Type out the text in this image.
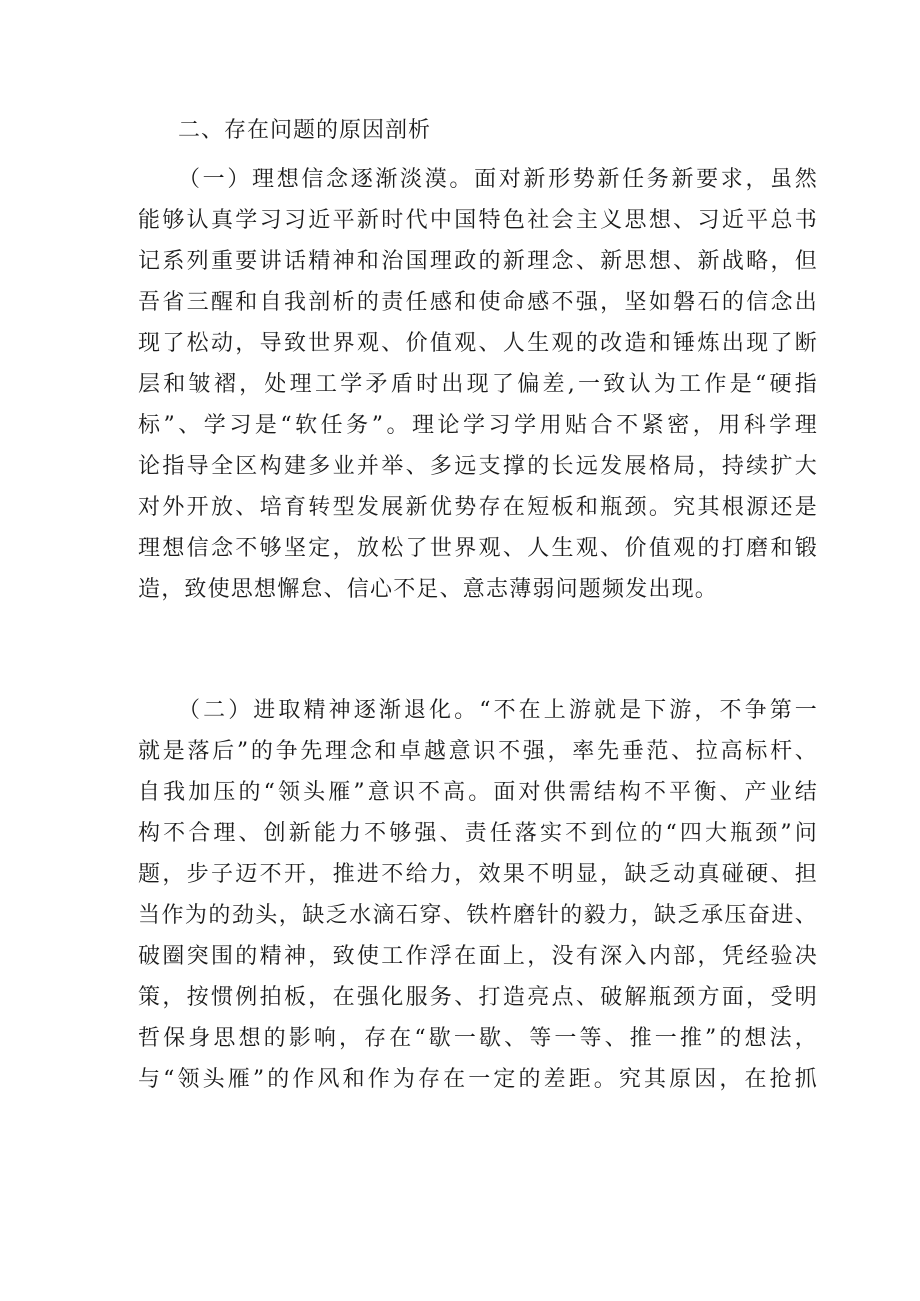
二、存在问题的原因剖析
（一）理想信念逐渐淡漠。面对新形势新任务新要求，虽然
能够认真学习习近平新时代中国特色社会主义思想、习近平总书
记系列重要讲话精神和治国理政的新理念、新思想、新战略，但
吾省三醒和自我剖析的责任感和使命感不强，坚如磐石的信念出
现了松动，导致世界观、价值观、人生观的改造和锤炼出现了断
层和皱褶，处理工学矛盾时出现了偏差,一致认为工作是“硬指
标”、学习是“软任务”。理论学习学用贴合不紧密，用科学理
论指导全区构建多业并举、多远支撑的长远发展格局，持续扩大
对外开放、培育转型发展新优势存在短板和瓶颈。究其根源还是
理想信念不够坚定，放松了世界观、人生观、价值观的打磨和锻
造，致使思想懈怠、信心不足、意志薄弱问题频发出现。
（二）进取精神逐渐退化。“不在上游就是下游，不争第一
就是落后”的争先理念和卓越意识不强，率先垂范、拉高标杆、
自我加压的“领头雁”意识不高。面对供需结构不平衡、产业结
构不合理、创新能力不够强、责任落实不到位的“四大瓶颈”问
题，步子迈不开，推进不给力，效果不明显，缺乏动真碰硬、担
当作为的劲头，缺乏水滴石穿、铁杵磨针的毅力，缺乏承压奋进、
破圈突围的精神，致使工作浮在面上，没有深入内部，凭经验决
策，按惯例拍板，在强化服务、打造亮点、破解瓶颈方面，受明
哲保身思想的影响，存在“歇一歇、等一等、推一推”的想法，
与“领头雁”的作风和作为存在一定的差距。究其原因，在抢抓
